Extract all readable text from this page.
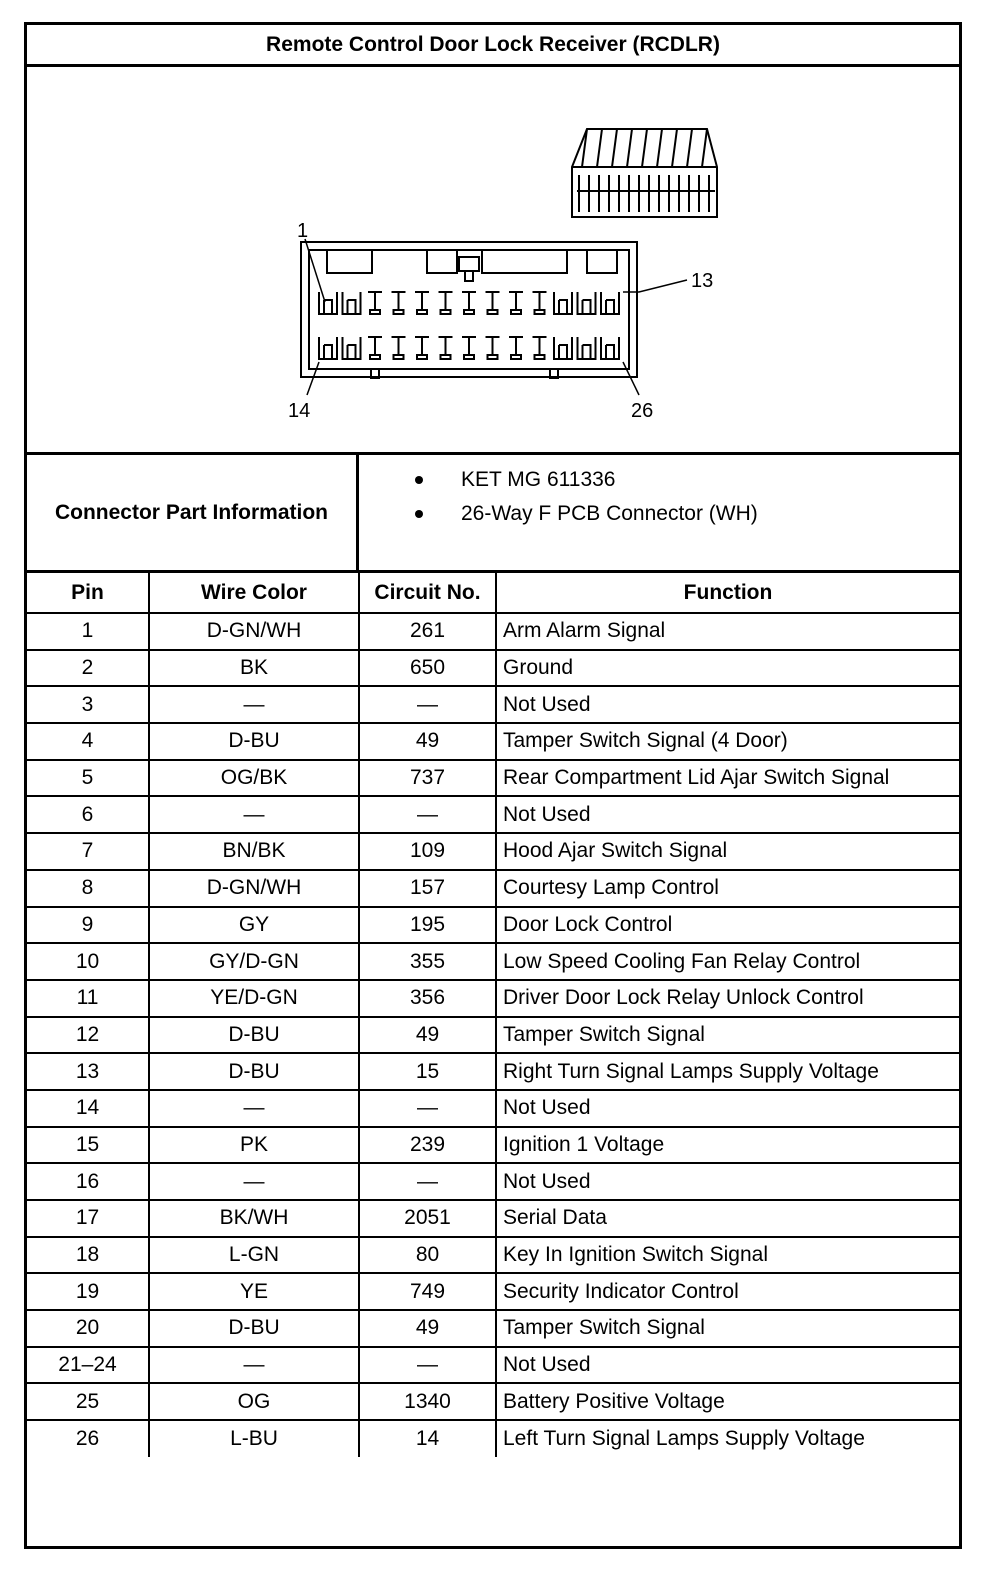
Remote Control Door Lock Receiver (RCDLR)
1
13
14	26
Connector Part Information
KET MG 611336
26-Way F PCB Connector (WH)
Pin	Wire Color	Circuit No.	Function
1	D-GN/WH	261	Arm Alarm Signal
2	BK	650	Ground
3	—	—	Not Used
4	D-BU	49	Tamper Switch Signal (4 Door)
5	OG/BK	737	Rear Compartment Lid Ajar Switch Signal
6	—	—	Not Used
7	BN/BK	109	Hood Ajar Switch Signal
8	D-GN/WH	157	Courtesy Lamp Control
9	GY	195	Door Lock Control
10	GY/D-GN	355	Low Speed Cooling Fan Relay Control
11	YE/D-GN	356	Driver Door Lock Relay Unlock Control
12	D-BU	49	Tamper Switch Signal
13	D-BU	15	Right Turn Signal Lamps Supply Voltage
14	—	—	Not Used
15	PK	239	Ignition 1 Voltage
16	—	—	Not Used
17	BK/WH	2051	Serial Data
18	L-GN	80	Key In Ignition Switch Signal
19	YE	749	Security Indicator Control
20	D-BU	49	Tamper Switch Signal
21–24	—	—	Not Used
25	OG	1340	Battery Positive Voltage
26	L-BU	14	Left Turn Signal Lamps Supply Voltage
